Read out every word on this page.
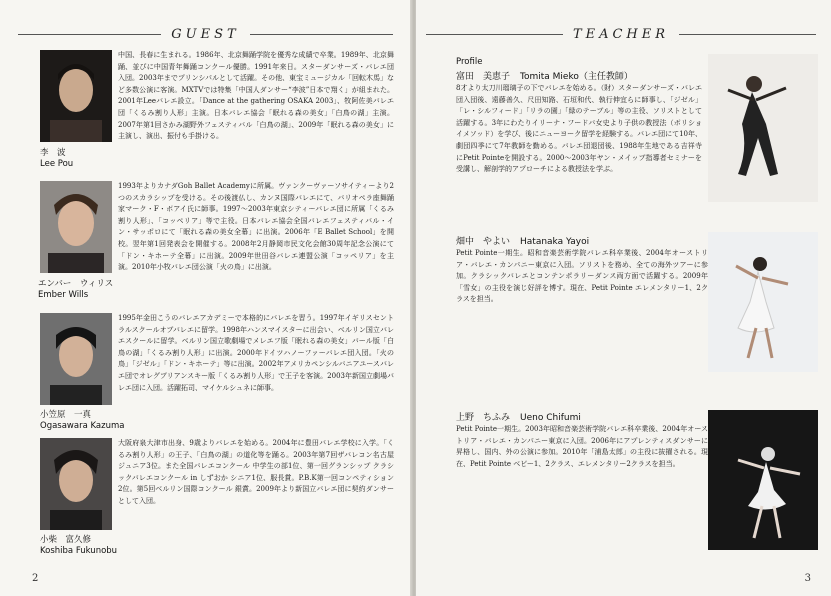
GUEST
李　波
Lee Pou
中国、長春に生まれる。1986年、北京舞踊学院を優秀な成績で卒業。1989年、北京舞踊、並びに中国青年舞踊コンクール優勝。1991年来日。スターダンサーズ・バレエ団入団。2003年までプリンシパルとして活躍。その他、東宝ミュージカル「回転木馬」など多数公演に客演。MXTVでは特集「中国人ダンサー“李波”日本で翔く」が組まれた。2001年Leeバレエ設立。「Dance at the gathering OSAKA 2003」、牧阿佐美バレエ団「くるみ割り人形」主演。日本バレエ協会「眠れる森の美女」「白鳥の湖」主演。2007年第1回さかみ湖野外フェスティバル「白鳥の湖」、2009年「眠れる森の美女」に主演し、演出、振付も手掛ける。
エンバー　ウィリス
Ember Wills
1993年よりカナダGoh Ballet Academyに所属。ヴァンクーヴァーソサイティーより2つのスカラシップを受ける。その後渡仏し、カンヌ国際バレエにて、バリオペラ座舞踊家マーク・F・ボアイ氏に師事。1997～2003年東京シティーバレエ団に所属「くるみ割り人形」、「コッペリア」等で主役。日本バレエ協会全国バレエフェスティバル・イン・サッポロにて「眠れる森の美女全幕」に出演。2006年「E Ballet School」を開校。翌年第1回発表会を開催する。2008年2月静岡市民文化会館30周年記念公演にて「ドン・キホーテ全幕」に出演。2009年世田谷バレエ連盟公演「コッペリア」を主演。2010年小牧バレエ団公演「火の鳥」に出演。
小笠原　一真
Ogasawara Kazuma
1995年金田こうのバレエアカデミーで本格的にバレエを習う。1997年イギリスセントラルスクールオブバレエに留学。1998年ハンスマイスターに出会い、ベルリン国立バレエスクールに留学。ベルリン国立歌劇場でメレエフ版「眠れる森の美女」バール版「白鳥の湖」「くるみ割り人形」に出演。2000年ドイツハノーファーバレエ団入団。「火の鳥」「ジゼル」「ドン・キホーテ」等に出演。2002年アメリカペンシルバニアユースバレエ団でオレグブリアンスキー版「くるみ割り人形」で王子を客演。2003年新国立劇場バレエ団に入団。活躍拓司、マイケルシュネに師事。
小柴　富久修
Koshiba Fukunobu
大阪府泉大津市出身、9歳よりバレエを始める。2004年に豊田バレエ学校に入学。「くるみ割り人形」の王子、「白鳥の湖」の道化等を踊る。2003年第7回ザバレコン名古屋 ジュニア3位。また全国バレエコンクール 中学生の部1位、第一回グランシップ クラシックバレエコンクール in しずおか シニア1位、服長賞。P.B.K第一回コンペティション 2位。第5回ベルリン国際コンクール 銀賞。2009年より新国立バレエ団に契約ダンサーとして入団。
2
TEACHER
Profile
富田　美恵子 Tomita Mieko（主任教師）
8才より太刀川瑠璃子の下でバレエを始める。（財）スターダンサーズ・バレエ団入団後、遠藤善久、尺田知路、石垣和代、執行伸宜らに師事し、「ジゼル」「レ・シルフィード」「リラの園」「緑のテーブル」等の主役、ソリストとして活躍する。3年にわたりイリーナ・フードバ女史より子供の教授法（ボリショイメソッド）を学び、後にニューヨーク留学を経験する。バレエ団にて10年、劇団四季にて7年教師を勤める。バレエ団退団後、1988年生地である吉祥寺にPetit Pointeを開設する。2000～2003年ヤン・メイッブ指導者セミナーを受講し、解剖学的アプローチによる教授法を学ぶ。
畑中　やよい Hatanaka Yayoi
Petit Pointe一期生。昭和音楽芸術学院バレエ科卒業後、2004年オーストリア・バレエ・カンパニー東京に入団。ソリストを務め、全ての海外ツアーに参加。クラシックバレエとコンテンポラリーダンス両方面で活躍する。2009年「雪女」の主役を演じ好評を博す。現在、Petit Pointe エレメンタリー1、2クラスを担当。
上野　ちふみ Ueno Chifumi
Petit Pointe一期生。2003年昭和音楽芸術学院バレエ科卒業後、2004年オーストリア・バレエ・カンパニー東京に入団。2006年にアプレンティスダンサーに昇格し、国内、外の公演に参加。2010年「浦島太郎」の主役に抜擢される。現在、Petit Pointe ベビー1、2クラス、エレメンタリー2クラスを担当。
3
